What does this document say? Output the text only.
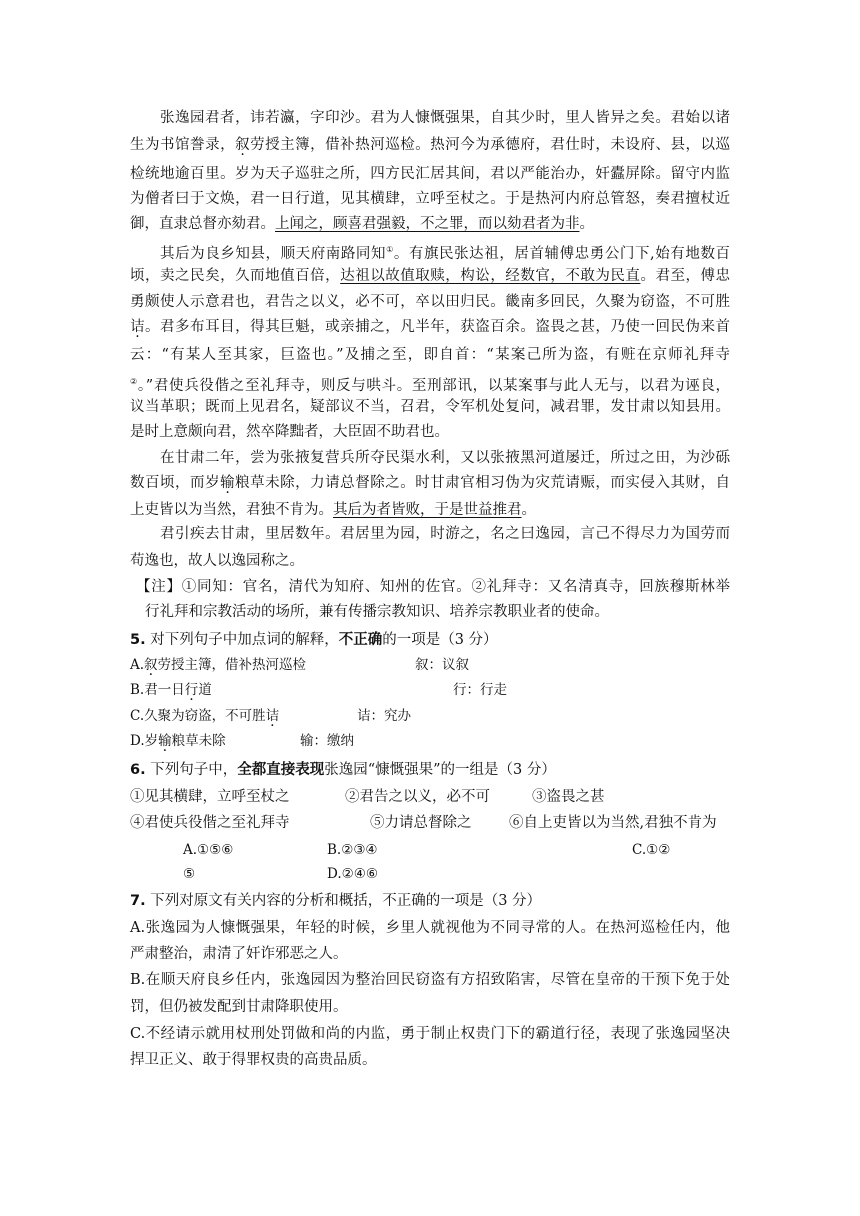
张逸园君者，讳若瀛，字印沙。君为人慷慨强果，自其少时，里人皆异之矣。君始以诸
生为书馆誊录，叙劳授主簿，借补热河巡检。热河今为承德府，君仕时，未设府、县，以巡
检统地逾百里。岁为天子巡驻之所，四方民汇居其间，君以严能治办，奸蠹屏除。留守内监
为僧者曰于文焕，君一日行道，见其横肆，立呼至杖之。于是热河内府总管怒，奏君擅杖近
御，直隶总督亦劾君。上闻之，顾喜君强毅，不之罪，而以劾君者为非。
其后为良乡知县，顺天府南路同知①。有旗民张达祖，居首辅傅忠勇公门下,始有地数百
顷，卖之民矣，久而地值百倍，达祖以故值取赎，构讼，经数官，不敢为民直。君至，傅忠
勇颇使人示意君也，君告之以义，必不可，卒以田归民。畿南多回民，久聚为窃盗，不可胜
诘。君多布耳目，得其巨魁，或亲捕之，凡半年，获盗百余。盗畏之甚，乃使一回民伪来首
云：“有某人至其家，巨盗也。”及捕之至，即自首：“某案己所为盗，有赃在京师礼拜寺
②。”君使兵役偕之至礼拜寺，则反与哄斗。至刑部讯，以某案事与此人无与，以君为诬良，
议当革职；既而上见君名，疑部议不当，召君，令军机处复问，减君罪，发甘肃以知县用。
是时上意颇向君，然卒降黜者，大臣固不助君也。
在甘肃二年，尝为张掖复营兵所夺民渠水利，又以张掖黑河道屡迁，所过之田，为沙砾
数百顷，而岁输粮草未除，力请总督除之。时甘肃官相习伪为灾荒请赈，而实侵入其财，自
上吏皆以为当然，君独不肯为。其后为者皆败，于是世益推君。
君引疾去甘肃，里居数年。君居里为园，时游之，名之曰逸园，言己不得尽力为国劳而
苟逸也，故人以逸园称之。
【注】①同知：官名，清代为知府、知州的佐官。②礼拜寺：又名清真寺，回族穆斯林举
行礼拜和宗教活动的场所，兼有传播宗教知识、培养宗教职业者的使命。
5. 对下列句子中加点词的解释，不正确的一项是（3 分）
A.叙劳授主簿，借补热河巡检	叙：议叙
B.君一日行道	行：行走
C.久聚为窃盗，不可胜诘	诘：究办
D.岁输粮草未除	输：缴纳
6. 下列句子中，全都直接表现张逸园“慷慨强果”的一组是（3 分）
①见其横肆，立呼至杖之	②君告之以义，必不可	③盗畏之甚
④君使兵役偕之至礼拜寺	⑤力请总督除之	⑥自上吏皆以为当然,君独不肯为
A.①⑤⑥	B.②③④	C.①②
⑤	D.②④⑥
7. 下列对原文有关内容的分析和概括，不正确的一项是（3 分）
A.张逸园为人慷慨强果，年轻的时候，乡里人就视他为不同寻常的人。在热河巡检任内，他
严肃整治，肃清了奸诈邪恶之人。
B.在顺天府良乡任内，张逸园因为整治回民窃盗有方招致陷害，尽管在皇帝的干预下免于处
罚，但仍被发配到甘肃降职使用。
C.不经请示就用杖刑处罚做和尚的内监，勇于制止权贵门下的霸道行径，表现了张逸园坚决
捍卫正义、敢于得罪权贵的高贵品质。
